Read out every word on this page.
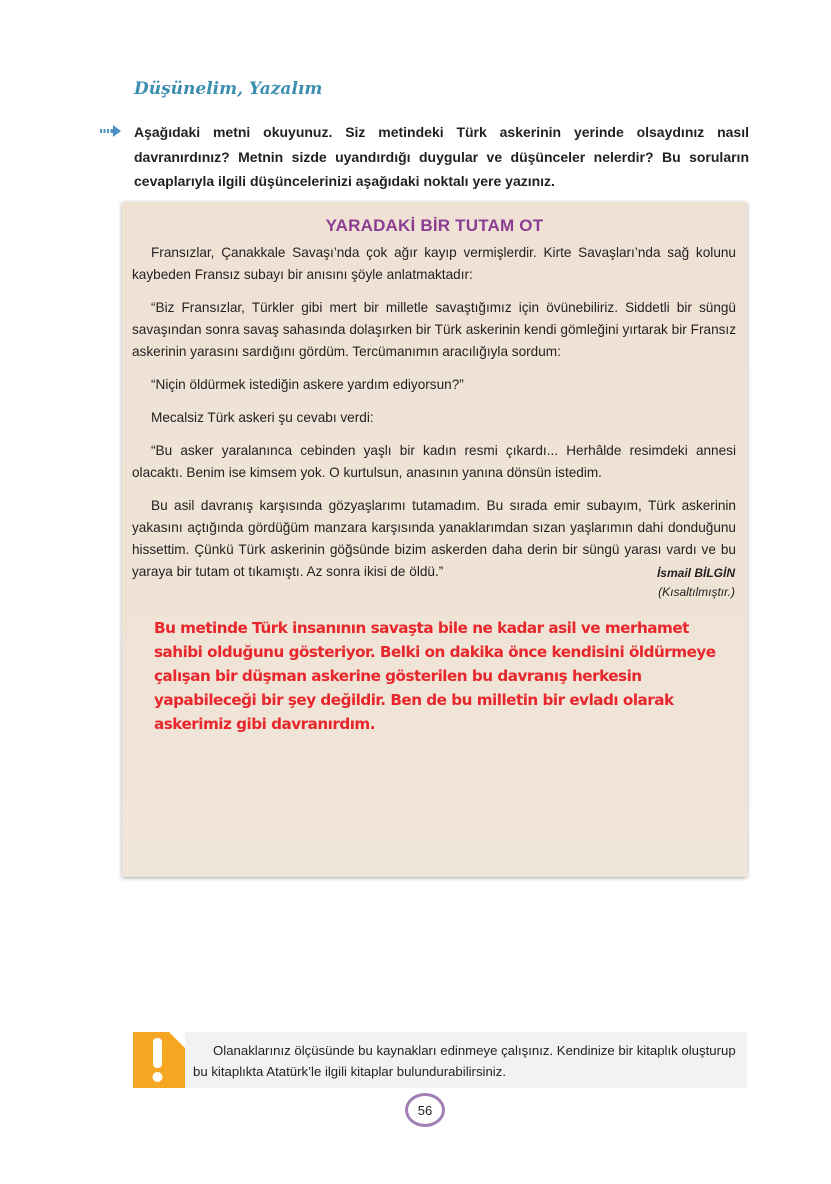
Düşünelim, Yazalım

Aşağıdaki metni okuyunuz. Siz metindeki Türk askerinin yerinde olsaydınız nasıl davranırdınız? Metnin sizde uyandırdığı duygular ve düşünceler nelerdir? Bu soruların cevaplarıyla ilgili düşüncelerinizi aşağıdaki noktalı yere yazınız.

YARADAKİ BİR TUTAM OT

Fransızlar, Çanakkale Savaşı’nda çok ağır kayıp vermişlerdir. Kirte Savaşları’nda sağ kolunu kaybeden Fransız subayı bir anısını şöyle anlatmaktadır:

“Biz Fransızlar, Türkler gibi mert bir milletle savaştığımız için övünebiliriz. Siddetli bir süngü savaşından sonra savaş sahasında dolaşırken bir Türk askerinin kendi gömleğini yırtarak bir Fransız askerinin yarasını sardığını gördüm. Tercümanımın aracılığıyla sordum:

“Niçin öldürmek istediğin askere yardım ediyorsun?”

Mecalsiz Türk askeri şu cevabı verdi:

“Bu asker yaralanınca cebinden yaşlı bir kadın resmi çıkardı... Herhâlde resimdeki annesi olacaktı. Benim ise kimsem yok. O kurtulsun, anasının yanına dönsün istedim.

Bu asil davranış karşısında gözyaşlarımı tutamadım. Bu sırada emir subayım, Türk askerinin yakasını açtığında gördüğüm manzara karşısında yanaklarımdan sızan yaşlarımın dahi donduğunu hissettim. Çünkü Türk askerinin göğsünde bizim askerden daha derin bir süngü yarası vardı ve bu yaraya bir tutam ot tıkamıştı. Az sonra ikisi de öldü.”	İsmail BİLGİN
(Kısaltılmıştır.)

Bu metinde Türk insanının savaşta bile ne kadar asil ve merhamet sahibi olduğunu gösteriyor. Belki on dakika önce kendisini öldürmeye çalışan bir düşman askerine gösterilen bu davranış herkesin yapabileceği bir şey değildir. Ben de bu milletin bir evladı olarak askerimiz gibi davranırdım.

Olanaklarınız ölçüsünde bu kaynakları edinmeye çalışınız. Kendinize bir kitaplık oluşturup bu kitaplıkta Atatürk’le ilgili kitaplar bulundurabilirsiniz.

56
